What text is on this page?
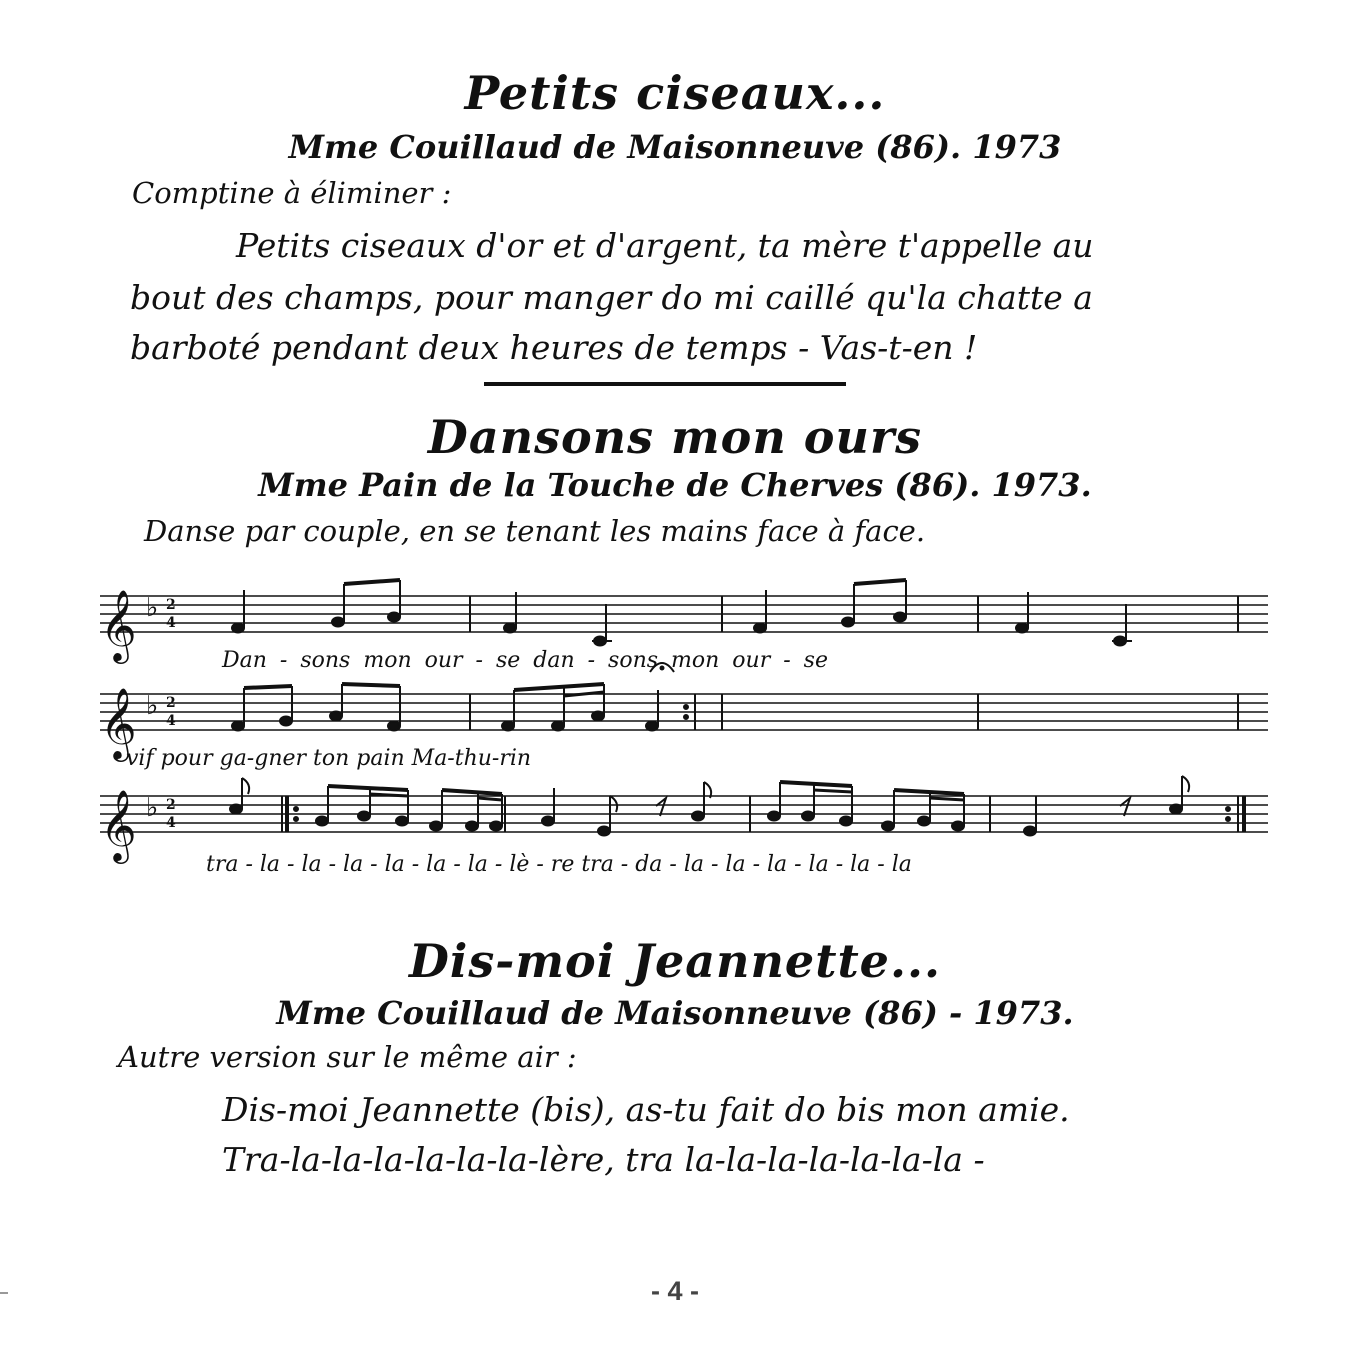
Petits ciseaux...
Mme Couillaud de Maisonneuve (86). 1973
Comptine à éliminer :
Petits ciseaux d'or et d'argent, ta mère t'appelle au
bout des champs, pour manger do mi caillé qu'la chatte a
barboté pendant deux heures de temps - Vas-t-en !
Dansons mon ours
Mme Pain de la Touche de Cherves (86). 1973.
Danse par couple, en se tenant les mains face à face.
𝄞
𝄞
𝄞
♭
♭
♭
2
4
2
4
2
4
Dan - sons mon our - se dan - sons mon our - se
vif pour ga-gner ton pain Ma-thu-rin
tra - la - la - la - la - la - la - lè - re tra - da - la - la - la - la - la - la
Dis-moi Jeannette...
Mme Couillaud de Maisonneuve (86) - 1973.
Autre version sur le même air :
Dis-moi Jeannette (bis), as-tu fait do bis mon amie.
Tra-la-la-la-la-la-la-lère, tra la-la-la-la-la-la-la -
- 4 -
